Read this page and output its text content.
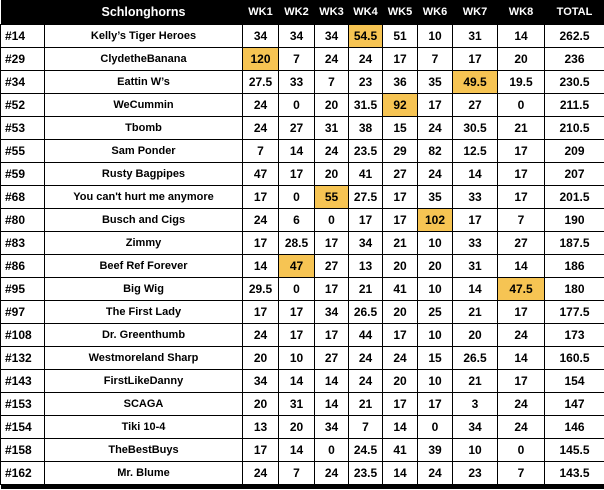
	Schlonghorns	WK1	WK2	WK3	WK4	WK5	WK6	WK7	WK8	TOTAL
#14	Kelly’s Tiger Heroes	34	34	34	54.5	51	10	31	14	262.5
#29	ClydetheBanana	120	7	24	24	17	7	17	20	236
#34	Eattin W’s	27.5	33	7	23	36	35	49.5	19.5	230.5
#52	WeCummin	24	0	20	31.5	92	17	27	0	211.5
#53	Tbomb	24	27	31	38	15	24	30.5	21	210.5
#55	Sam Ponder	7	14	24	23.5	29	82	12.5	17	209
#59	Rusty Bagpipes	47	17	20	41	27	24	14	17	207
#68	You can't hurt me anymore	17	0	55	27.5	17	35	33	17	201.5
#80	Busch and Cigs	24	6	0	17	17	102	17	7	190
#83	Zimmy	17	28.5	17	34	21	10	33	27	187.5
#86	Beef Ref Forever	14	47	27	13	20	20	31	14	186
#95	Big Wig	29.5	0	17	21	41	10	14	47.5	180
#97	The First Lady	17	17	34	26.5	20	25	21	17	177.5
#108	Dr. Greenthumb	24	17	17	44	17	10	20	24	173
#132	Westmoreland Sharp	20	10	27	24	24	15	26.5	14	160.5
#143	FirstLikeDanny	34	14	14	24	20	10	21	17	154
#153	SCAGA	20	31	14	21	17	17	3	24	147
#154	Tiki 10-4	13	20	34	7	14	0	34	24	146
#158	TheBestBuys	17	14	0	24.5	41	39	10	0	145.5
#162	Mr. Blume	24	7	24	23.5	14	24	23	7	143.5
